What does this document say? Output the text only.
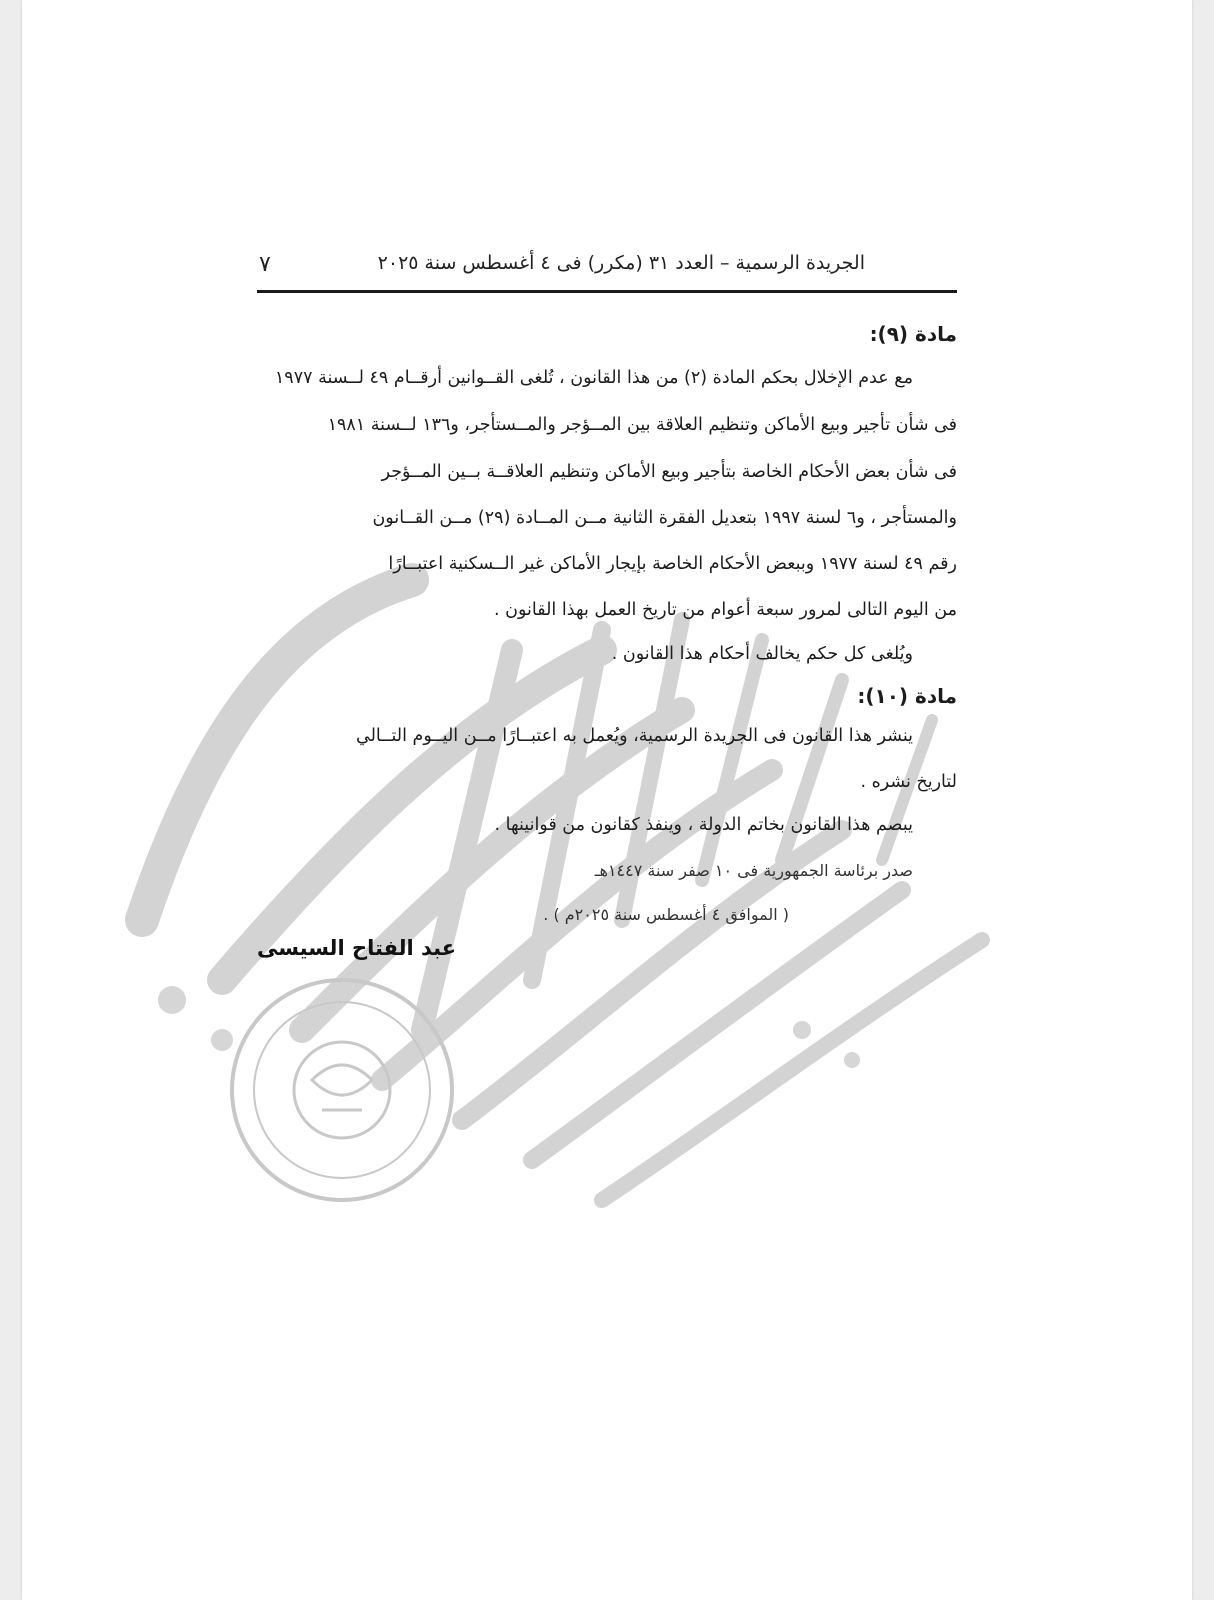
٧	الجريدة الرسمية – العدد ٣١ (مكرر) فى ٤ أغسطس سنة ٢٠٢٥
مادة (٩):
مع عدم الإخلال بحكم المادة (٢) من هذا القانون ، تُلغى القــوانين أرقــام ٤٩ لــسنة ١٩٧٧
فى شأن تأجير وبيع الأماكن وتنظيم العلاقة بين المــؤجر والمــستأجر، و١٣٦ لــسنة ١٩٨١
فى شأن بعض الأحكام الخاصة بتأجير وبيع الأماكن وتنظيم العلاقــة بــين المــؤجر
والمستأجر ، و٦ لسنة ١٩٩٧ بتعديل الفقرة الثانية مــن المــادة (٢٩) مــن القــانون
رقم ٤٩ لسنة ١٩٧٧ وببعض الأحكام الخاصة بإيجار الأماكن غير الــسكنية اعتبــارًا
من اليوم التالى لمرور سبعة أعوام من تاريخ العمل بهذا القانون .
ويُلغى كل حكم يخالف أحكام هذا القانون .
مادة (١٠):
ينشر هذا القانون فى الجريدة الرسمية، ويُعمل به اعتبــارًا مــن اليــوم التــالي
لتاريخ نشره .
يبصم هذا القانون بخاتم الدولة ، وينفذ كقانون من قوانينها .
صدر برئاسة الجمهورية فى ١٠ صفر سنة ١٤٤٧هـ
( الموافق ٤ أغسطس سنة ٢٠٢٥م ) .
عبد الفتاح السيسى
